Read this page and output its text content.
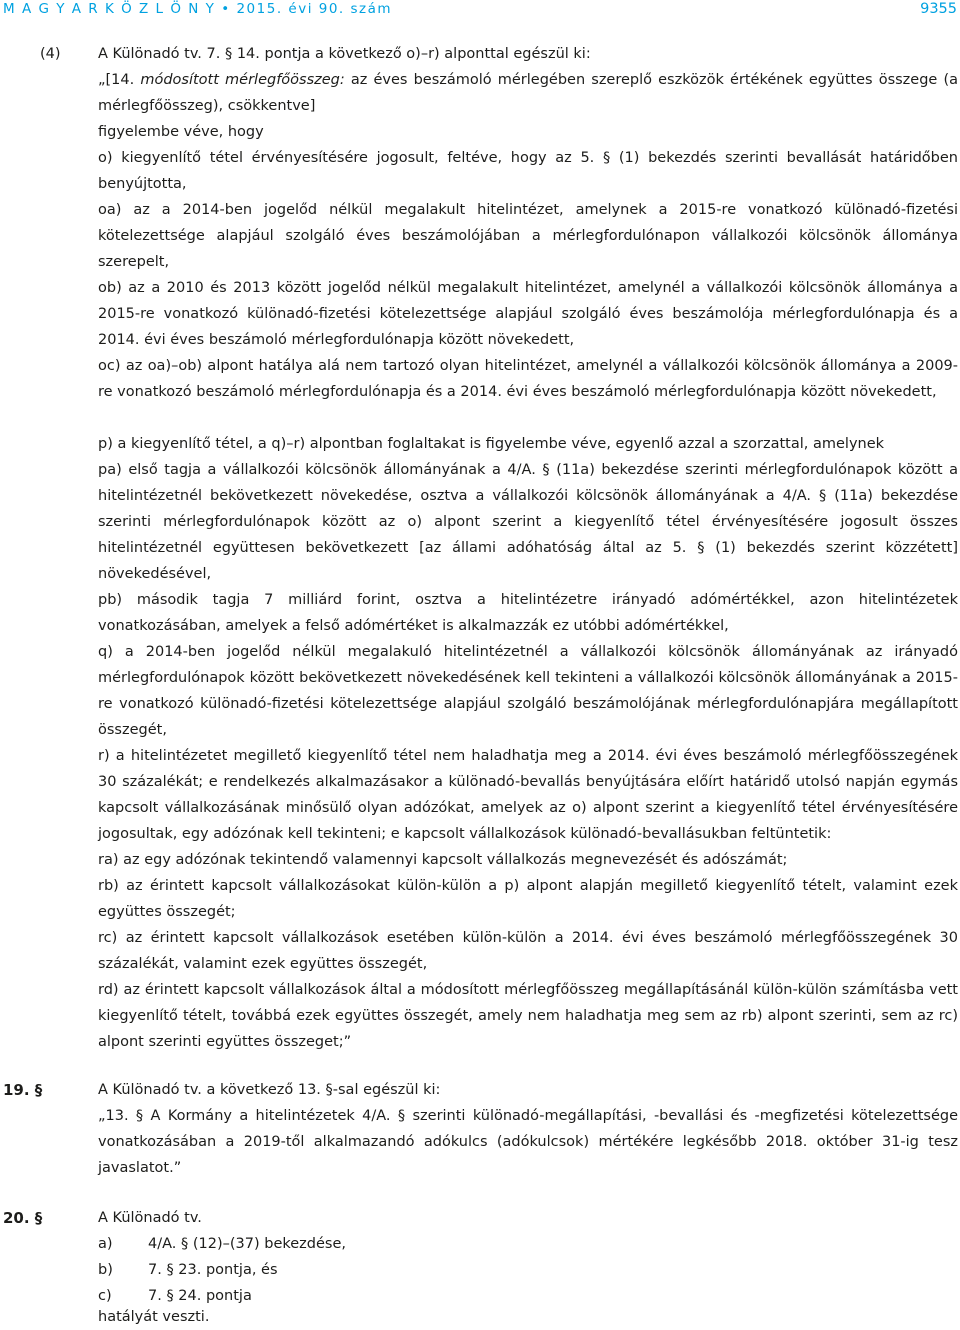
M A G Y A R K Ö Z L Ö N Y • 2015. évi 90. szám	9355
(4)	A Különadó tv. 7. § 14. pontja a következő o)–r) alponttal egészül ki:
„[14. módosított mérlegfőösszeg: az éves beszámoló mérlegében szereplő eszközök értékének együttes összege (a mérlegfőösszeg), csökkentve]
figyelembe véve, hogy
o) kiegyenlítő tétel érvényesítésére jogosult, feltéve, hogy az 5. § (1) bekezdés szerinti bevallását határidőben benyújtotta,
oa) az a 2014-ben jogelőd nélkül megalakult hitelintézet, amelynek a 2015-re vonatkozó különadó-fizetési kötelezettsége alapjául szolgáló éves beszámolójában a mérlegfordulónapon vállalkozói kölcsönök állománya szerepelt,
ob) az a 2010 és 2013 között jogelőd nélkül megalakult hitelintézet, amelynél a vállalkozói kölcsönök állománya a 2015-re vonatkozó különadó-fizetési kötelezettsége alapjául szolgáló éves beszámolója mérlegfordulónapja és a 2014. évi éves beszámoló mérlegfordulónapja között növekedett,
oc) az oa)–ob) alpont hatálya alá nem tartozó olyan hitelintézet, amelynél a vállalkozói kölcsönök állománya a 2009-re vonatkozó beszámoló mérlegfordulónapja és a 2014. évi éves beszámoló mérlegfordulónapja között növekedett,
p) a kiegyenlítő tétel, a q)–r) alpontban foglaltakat is figyelembe véve, egyenlő azzal a szorzattal, amelynek
pa) első tagja a vállalkozói kölcsönök állományának a 4/A. § (11a) bekezdése szerinti mérlegfordulónapok között a hitelintézetnél bekövetkezett növekedése, osztva a vállalkozói kölcsönök állományának a 4/A. § (11a) bekezdése szerinti mérlegfordulónapok között az o) alpont szerint a kiegyenlítő tétel érvényesítésére jogosult összes hitelintézetnél együttesen bekövetkezett [az állami adóhatóság által az 5. § (1) bekezdés szerint közzétett] növekedésével,
pb) második tagja 7 milliárd forint, osztva a hitelintézetre irányadó adómértékkel, azon hitelintézetek vonatkozásában, amelyek a felső adómértéket is alkalmazzák ez utóbbi adómértékkel,
q) a 2014-ben jogelőd nélkül megalakuló hitelintézetnél a vállalkozói kölcsönök állományának az irányadó mérlegfordulónapok között bekövetkezett növekedésének kell tekinteni a vállalkozói kölcsönök állományának a 2015-re vonatkozó különadó-fizetési kötelezettsége alapjául szolgáló beszámolójának mérlegfordulónapjára megállapított összegét,
r) a hitelintézetet megillető kiegyenlítő tétel nem haladhatja meg a 2014. évi éves beszámoló mérlegfőösszegének 30 százalékát; e rendelkezés alkalmazásakor a különadó-bevallás benyújtására előírt határidő utolsó napján egymás kapcsolt vállalkozásának minősülő olyan adózókat, amelyek az o) alpont szerint a kiegyenlítő tétel érvényesítésére jogosultak, egy adózónak kell tekinteni; e kapcsolt vállalkozások különadó-bevallásukban feltüntetik:
ra) az egy adózónak tekintendő valamennyi kapcsolt vállalkozás megnevezését és adószámát;
rb) az érintett kapcsolt vállalkozásokat külön-külön a p) alpont alapján megillető kiegyenlítő tételt, valamint ezek együttes összegét;
rc) az érintett kapcsolt vállalkozások esetében külön-külön a 2014. évi éves beszámoló mérlegfőösszegének 30 százalékát, valamint ezek együttes összegét,
rd) az érintett kapcsolt vállalkozások által a módosított mérlegfőösszeg megállapításánál külön-külön számításba vett kiegyenlítő tételt, továbbá ezek együttes összegét, amely nem haladhatja meg sem az rb) alpont szerinti, sem az rc) alpont szerinti együttes összeget;”
19. §	A Különadó tv. a következő 13. §-sal egészül ki:
„13. § A Kormány a hitelintézetek 4/A. § szerinti különadó-megállapítási, -bevallási és -megfizetési kötelezettsége vonatkozásában a 2019-től alkalmazandó adókulcs (adókulcsok) mértékére legkésőbb 2018. október 31-ig tesz javaslatot.”
20. §	A Különadó tv.
a) 4/A. § (12)–(37) bekezdése,
b) 7. § 23. pontja, és
c)	7. § 24. pontja
hatályát veszti.
